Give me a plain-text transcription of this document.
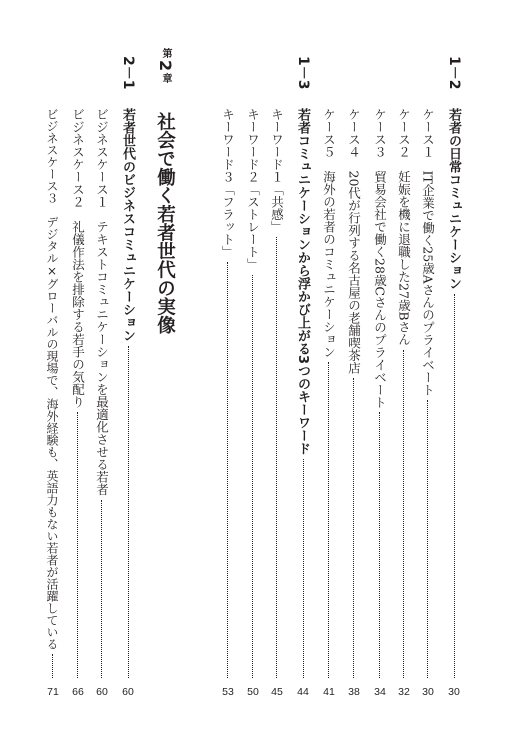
1－2
若者の日常コミュニケーション
30
ケース１　IT企業で働く25歳Aさんのプライベート
30
ケース２　妊娠を機に退職した27歳Bさん
32
ケース３　貿易会社で働く28歳Cさんのプライベート
34
ケース４　20代が行列する名古屋の老舗喫茶店
38
ケース５　海外の若者のコミュニケーション
41
1－3
若者コミュニケーションから浮かび上がる3つのキーワード
44
キーワード１「共感」
45
キーワード２「ストレート」
50
キーワード３「フラット」
53
第2章
社会で働く若者世代の実像
2－1
若者世代のビジネスコミュニケーション
60
ビジネスケース１　テキストコミュニケーションを最適化させる若者
60
ビジネスケース２　礼儀作法を排除する若手の気配り
66
ビジネスケース３　デジタル×グローバルの現場で、海外経験も、英語力もない若者が活躍している
71
